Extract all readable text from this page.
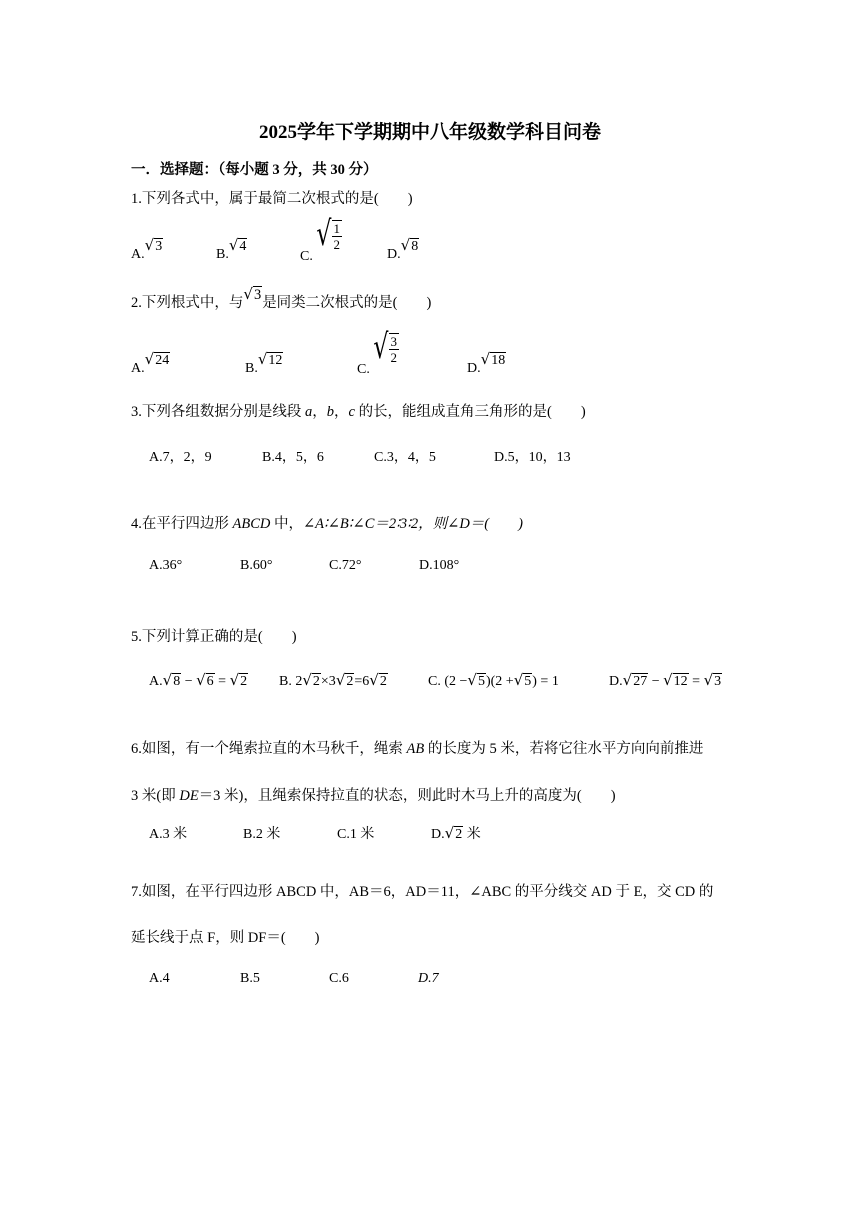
2025学年下学期期中八年级数学科目问卷
一．选择题：（每小题 3 分，共 30 分）
1.下列各式中，属于最简二次根式的是(　　)
A.√3
B.√4
C.
√ $\frac{1}{2}$
D.√8
2.下列根式中，与√3是同类二次根式的是(　　)
A.√24
B.√12
C.
√ $\frac{3}{2}$
D.√18
3.下列各组数据分别是线段 a，b，c 的长，能组成直角三角形的是(　　)
A.7，2，9	B.4，5，6	C.3，4，5	D.5，10，13
4.在平行四边形 ABCD 中，∠A∶∠B∶∠C＝2∶3∶2，则∠D＝(　　)
A.36°	B.60°	C.72°	D.108°
5.下列计算正确的是(　　)
A.√8 − √6 = √2 B. 2√2×3√2=6√2	C. (2 −√5)(2 +√5) = 1	D.√27 − √12 = √3
6.如图，有一个绳索拉直的木马秋千，绳索 AB 的长度为 5 米，若将它往水平方向向前推进
3 米(即 DE＝3 米)，且绳索保持拉直的状态，则此时木马上升的高度为(　　)
A.3 米	B.2 米	C.1 米	D.√2 米
7.如图，在平行四边形 ABCD 中，AB＝6，AD＝11，∠ABC 的平分线交 AD 于 E，交 CD 的
延长线于点 F，则 DF＝(　　)
A.4	B.5	C.6	D.7
